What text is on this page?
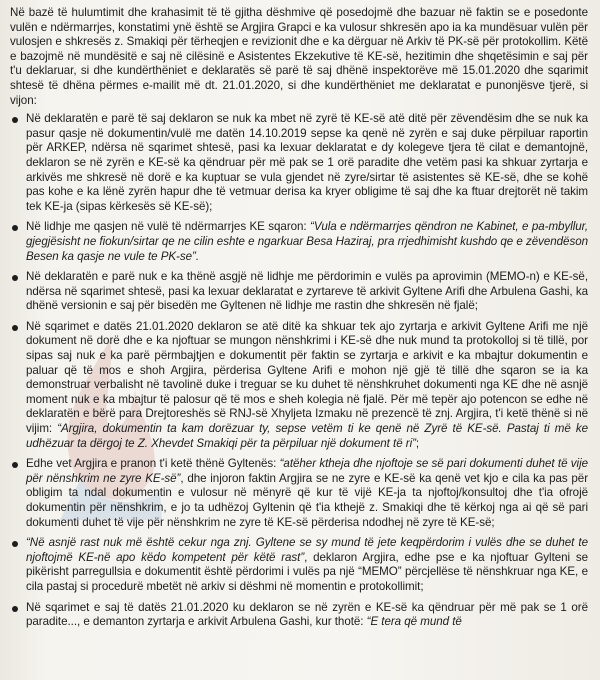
Në bazë të hulumtimit dhe krahasimit të të gjitha dëshmive që posedojmë dhe bazuar në faktin se e posedonte vulën e ndërmarrjes, konstatimi ynë është se Argjira Grapci e ka vulosur shkresën apo ia ka mundësuar vulën për vulosjen e shkresës z. Smakiqi për tërheqjen e revizionit dhe e ka dërguar në Arkiv të PK-së për protokollim. Këtë e bazojmë në mundësitë e saj në cilësinë e Asistentes Ekzekutive të KE-së, hezitimin dhe shqetësimin e saj për t'u deklaruar, si dhe kundërthëniet e deklaratës së parë të saj dhënë inspektorëve më 15.01.2020 dhe sqarimit shtesë të dhëna përmes e-mailit më dt. 21.01.2020, si dhe kundërthëniet me deklaratat e punonjësve tjerë, si vijon:

Në deklaratën e parë të saj deklaron se nuk ka mbet në zyrë të KE-së atë ditë për zëvendësim dhe se nuk ka pasur qasje në dokumentin/vulë me datën 14.10.2019 sepse ka qenë në zyrën e saj duke përpiluar raportin për ARKEP, ndërsa në sqarimet shtesë, pasi ka lexuar deklaratat e dy kolegeve tjera të cilat e demantojnë, deklaron se në zyrën e KE-së ka qëndruar për më pak se 1 orë paradite dhe vetëm pasi ka shkuar zyrtarja e arkivës me shkresë në dorë e ka kuptuar se vula gjendet në zyre/sirtar të asistentes së KE-së, dhe se kohë pas kohe e ka lënë zyrën hapur dhe të vetmuar derisa ka kryer obligime të saj dhe ka ftuar drejtorët në takim tek KE-ja (sipas kërkesës së KE-së);
Në lidhje me qasjen në vulë të ndërmarrjes KE sqaron: “Vula e ndërmarrjes qëndron ne Kabinet, e pa-mbyllur, gjegjësisht ne fiokun/sirtar qe ne cilin eshte e ngarkuar Besa Haziraj, pra rrjedhimisht kushdo qe e zëvendëson Besen ka qasje ne vule te PK-se”.
Në deklaratën e parë nuk e ka thënë asgjë në lidhje me përdorimin e vulës pa aprovimin (MEMO-n) e KE-së, ndërsa në sqarimet shtesë, pasi ka lexuar deklaratat e zyrtareve të arkivit Gyltene Arifi dhe Arbulena Gashi, ka dhënë versionin e saj për bisedën me Gyltenen në lidhje me rastin dhe shkresën në fjalë;
Në sqarimet e datës 21.01.2020 deklaron se atë ditë ka shkuar tek ajo zyrtarja e arkivit Gyltene Arifi me një dokument në dorë dhe e ka njoftuar se mungon nënshkrimi i KE-së dhe nuk mund ta protokolloj si të tillë, por sipas saj nuk e ka parë përmbajtjen e dokumentit për faktin se zyrtarja e arkivit e ka mbajtur dokumentin e paluar që të mos e shoh Argjira, përderisa Gyltene Arifi e mohon një gjë të tillë dhe sqaron se ia ka demonstruar verbalisht në tavolinë duke i treguar se ku duhet të nënshkruhet dokumenti nga KE dhe në asnjë moment nuk e ka mbajtur të palosur që të mos e sheh kolegia në fjalë. Për më tepër ajo potencon se edhe në deklaratën e bërë para Drejtoreshës së RNJ-së Xhyljeta Izmaku në prezencë të znj. Argjira, t'i ketë thënë si në vijim: “Argjira, dokumentin ta kam dorëzuar ty, sepse vetëm ti ke qenë në Zyrë të KE-së. Pastaj ti më ke udhëzuar ta dërgoj te Z. Xhevdet Smakiqi për ta përpiluar një dokument të ri”;
Edhe vet Argjira e pranon t'i ketë thënë Gyltenës: “atëher ktheja dhe njoftoje se së pari dokumenti duhet të vije për nënshkrim ne zyre KE-së”, dhe injoron faktin Argjira se ne zyre e KE-së ka qenë vet kjo e cila ka pas për obligim ta ndal dokumentin e vulosur në mënyrë që kur të vijë KE-ja ta njoftoj/konsultoj dhe t'ia ofrojë dokumentin për nënshkrim, e jo ta udhëzoj Gyltenin që t'ia kthejë z. Smakiqi dhe të kërkoj nga ai që së pari dokumenti duhet të vije për nënshkrim ne zyre të KE-së përderisa ndodhej në zyre të KE-së;
“Në asnjë rast nuk më është cekur nga znj. Gyltene se sy mund të jete keqpërdorim i vulës dhe se duhet te njoftojmë KE-në apo këdo kompetent për këtë rast”, deklaron Argjira, edhe pse e ka njoftuar Gylteni se pikërisht parregullsia e dokumentit është përdorimi i vulës pa një “MEMO” përcjellëse të nënshkruar nga KE, e cila pastaj si procedurë mbetët në arkiv si dëshmi në momentin e protokollimit;
Në sqarimet e saj të datës 21.01.2020 ku deklaron se në zyrën e KE-së ka qëndruar për më pak se 1 orë paradite..., e demanton zyrtarja e arkivit Arbulena Gashi, kur thotë: “E tera që mund të
